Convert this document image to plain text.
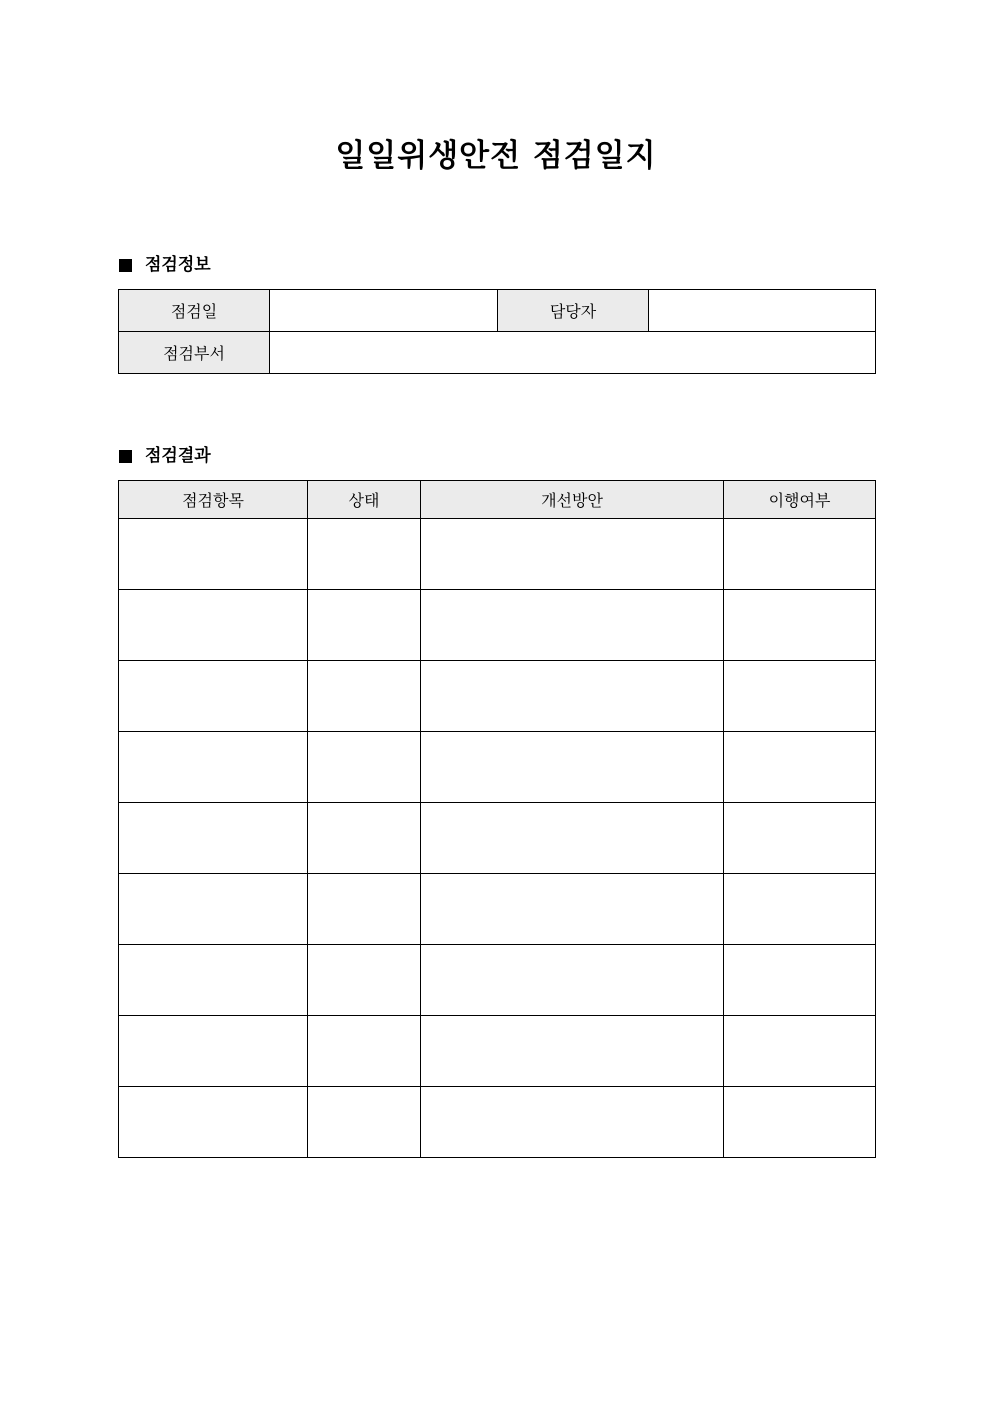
일일위생안전 점검일지
점검정보
점검일		담당자	
점검부서			
점검결과
점검항목	상태	개선방안	이행여부
